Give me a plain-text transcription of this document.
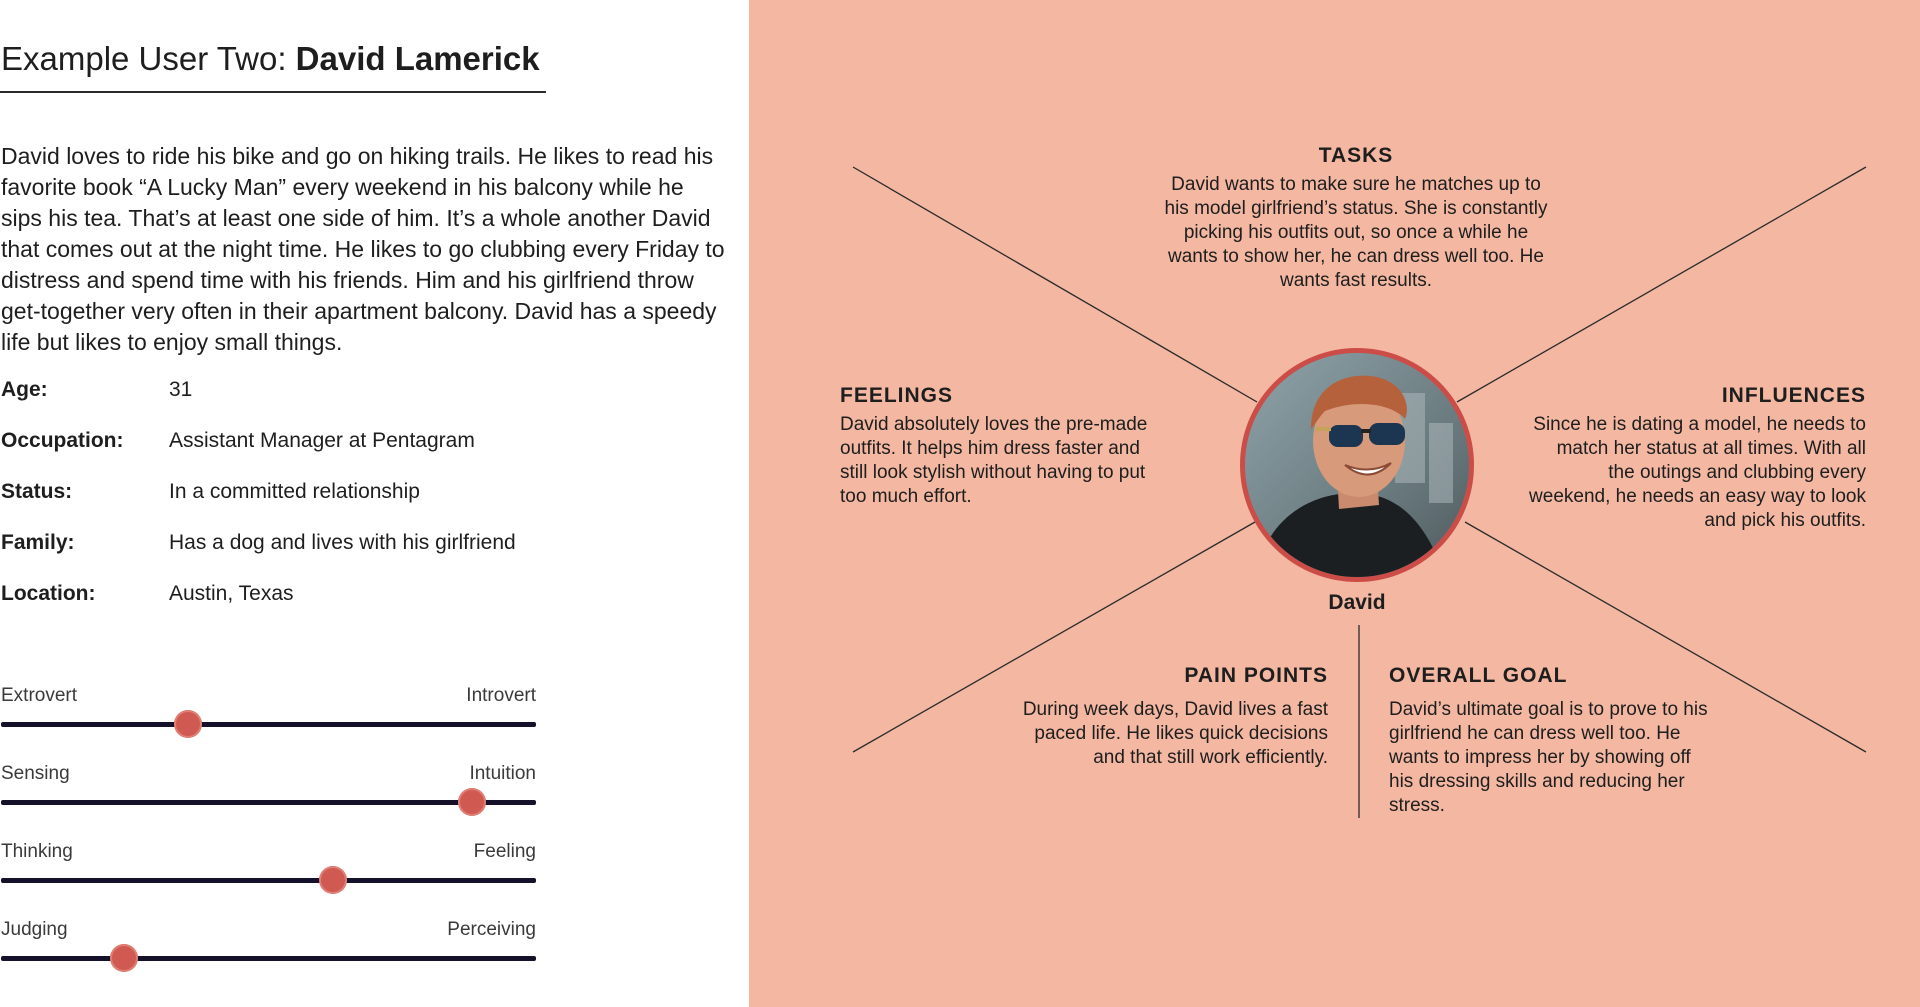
Example User Two: David Lamerick

David loves to ride his bike and go on hiking trails. He likes to read his favorite book “A Lucky Man” every weekend in his balcony while he sips his tea. That’s at least one side of him. It’s a whole another David that comes out at the night time. He likes to go clubbing every Friday to distress and spend time with his friends. Him and his girlfriend throw get-together very often in their apartment balcony. David has a speedy life but likes to enjoy small things.

Age:	31
Occupation: Assistant Manager at Pentagram
Status:	In a committed relationship
Family:	Has a dog and lives with his girlfriend
Location:	Austin, Texas
Extrovert	Introvert
Sensing	Intuition
Thinking	Feeling
Judging	Perceiving
TASKS

David wants to make sure he matches up to his model girlfriend’s status. She is constantly picking his outfits out, so once a while he wants to show her, he can dress well too. He wants fast results.

FEELINGS

David absolutely loves the pre-made outfits. It helps him dress faster and still look stylish without having to put too much effort.

INFLUENCES

Since he is dating a model, he needs to match her status at all times. With all the outings and clubbing every weekend, he needs an easy way to look and pick his outfits.

David
PAIN POINTS

During week days, David lives a fast paced life. He likes quick decisions and that still work efficiently.

OVERALL GOAL

David’s ultimate goal is to prove to his girlfriend he can dress well too. He wants to impress her by showing off his dressing skills and reducing her stress.
